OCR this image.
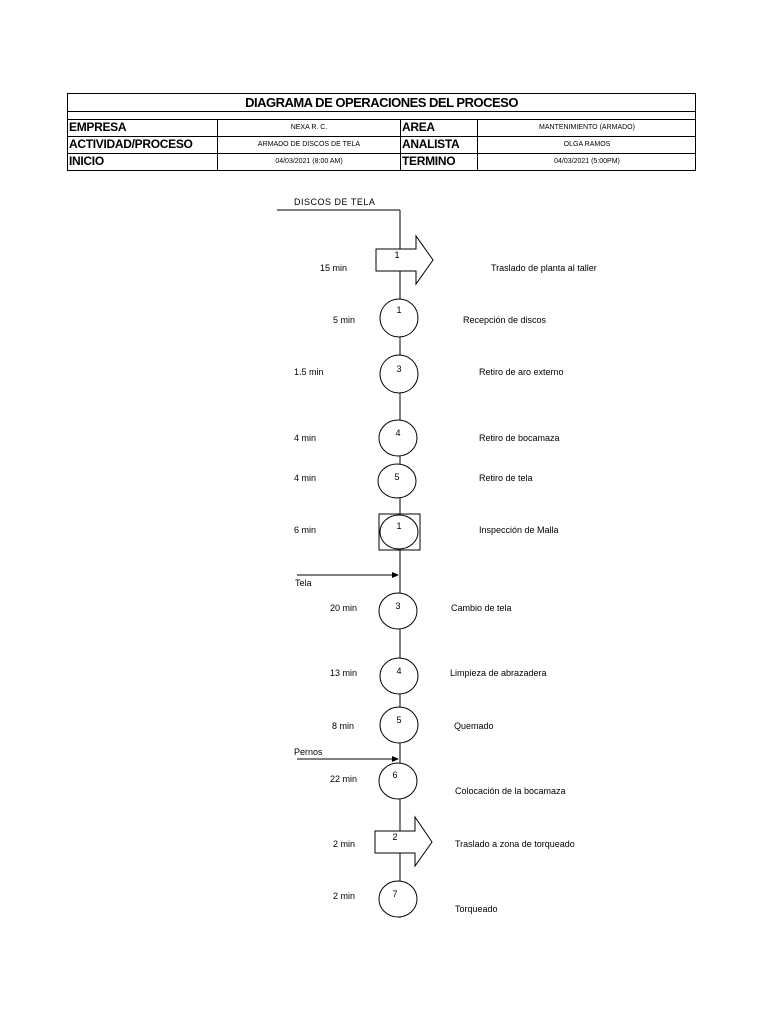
DIAGRAMA DE OPERACIONES DEL PROCESO
EMPRESA	NEXA R. C.	AREA	MANTENIMIENTO (ARMADO)
ACTIVIDAD/PROCESO	ARMADO DE DISCOS DE TELA	ANALISTA	OLGA RAMOS
INICIO	04/03/2021 (8:00 AM)	TERMINO	04/03/2021 (5:00PM)
DISCOS DE TELA
1
15 min	Traslado de planta al taller
1
5 min	Recepción de discos
3
1.5 min	Retiro de aro externo
4
4 min	Retiro de bocamaza
5
4 min	Retiro de tela
1
6 min	Inspección de Malla
Tela
3
20 min	Cambio de tela
4
13 min	Limpieza de abrazadera
5
8 min	Quemado
Pernos
6
22 min
Colocación de la bocamaza
2
2 min	Traslado a zona de torqueado
7
2 min
Torqueado
